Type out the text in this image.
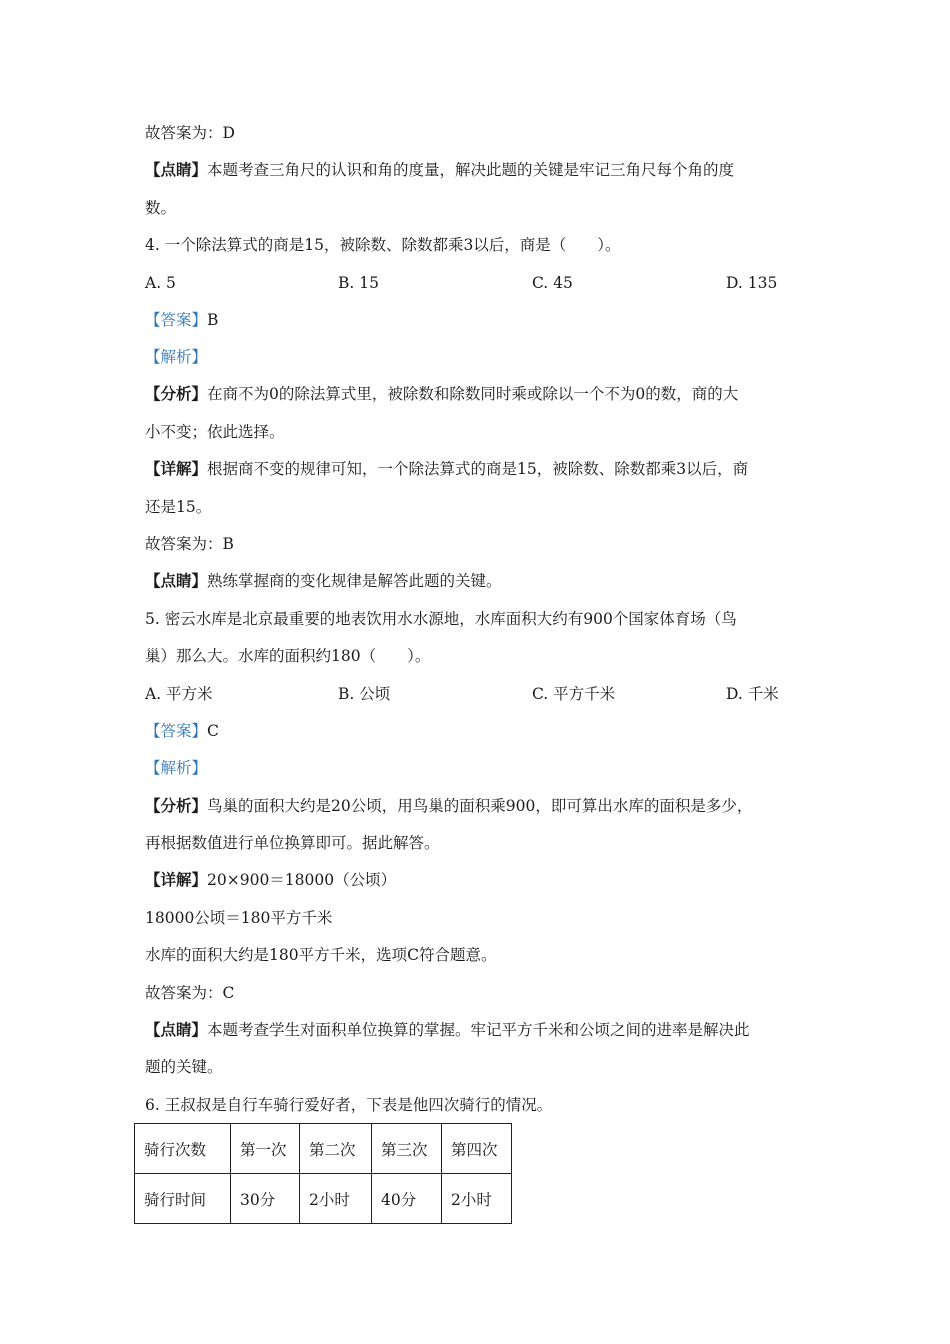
故答案为：D
【点睛】本题考查三角尺的认识和角的度量，解决此题的关键是牢记三角尺每个角的度
数。
4. 一个除法算式的商是15，被除数、除数都乘3以后，商是（　　）。
A. 5	B. 15	C. 45	D. 135
【答案】B
【解析】
【分析】在商不为0的除法算式里，被除数和除数同时乘或除以一个不为0的数，商的大
小不变；依此选择。
【详解】根据商不变的规律可知，一个除法算式的商是15，被除数、除数都乘3以后，商
还是15。
故答案为：B
【点睛】熟练掌握商的变化规律是解答此题的关键。
5. 密云水库是北京最重要的地表饮用水水源地，水库面积大约有900个国家体育场（鸟
巢）那么大。水库的面积约180（　　）。
A. 平方米	B. 公顷	C. 平方千米	D. 千米
【答案】C
【解析】
【分析】鸟巢的面积大约是20公顷，用鸟巢的面积乘900，即可算出水库的面积是多少，
再根据数值进行单位换算即可。据此解答。
【详解】20×900＝18000（公顷）
18000公顷＝180平方千米
水库的面积大约是180平方千米，选项C符合题意。
故答案为：C
【点睛】本题考查学生对面积单位换算的掌握。牢记平方千米和公顷之间的进率是解决此
题的关键。
6. 王叔叔是自行车骑行爱好者，下表是他四次骑行的情况。
骑行次数	第一次	第二次	第三次	第四次
骑行时间	30分	2小时	40分	2小时
